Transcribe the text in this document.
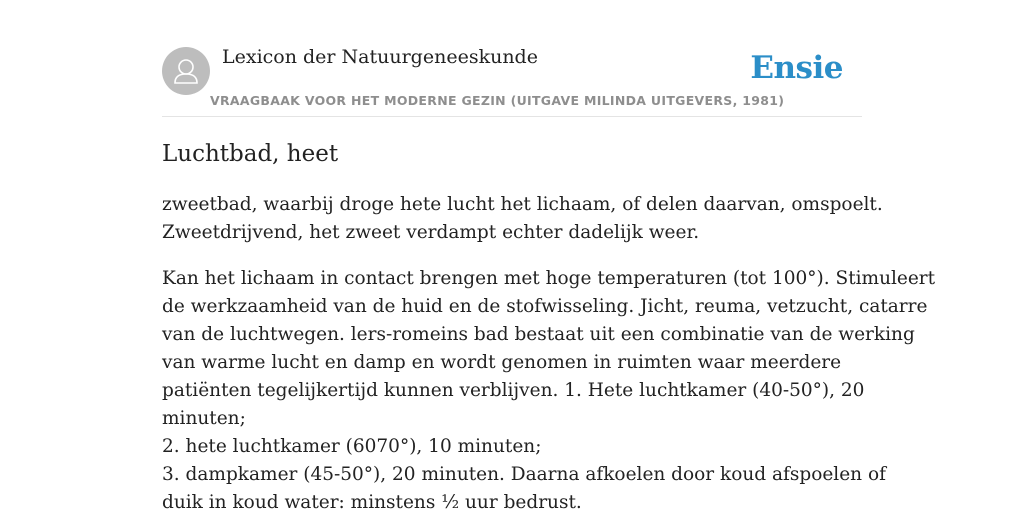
Lexicon der Natuurgeneeskunde
VRAAGBAAK VOOR HET MODERNE GEZIN (UITGAVE MILINDA UITGEVERS, 1981)
Ensie
Luchtbad, heet

zweetbad, waarbij droge hete lucht het lichaam, of delen daarvan, omspoelt.
Zweetdrijvend, het zweet verdampt echter dadelijk weer.

Kan het lichaam in contact brengen met hoge temperaturen (tot 100°). Stimuleert
de werkzaamheid van de huid en de stofwisseling. Jicht, reuma, vetzucht, catarre
van de luchtwegen. lers-romeins bad bestaat uit een combinatie van de werking
van warme lucht en damp en wordt genomen in ruimten waar meerdere
patiënten tegelijkertijd kunnen verblijven. 1. Hete luchtkamer (40-50°), 20
minuten;
2. hete luchtkamer (6070°), 10 minuten;
3. dampkamer (45-50°), 20 minuten. Daarna afkoelen door koud afspoelen of
duik in koud water: minstens ½ uur bedrust.
